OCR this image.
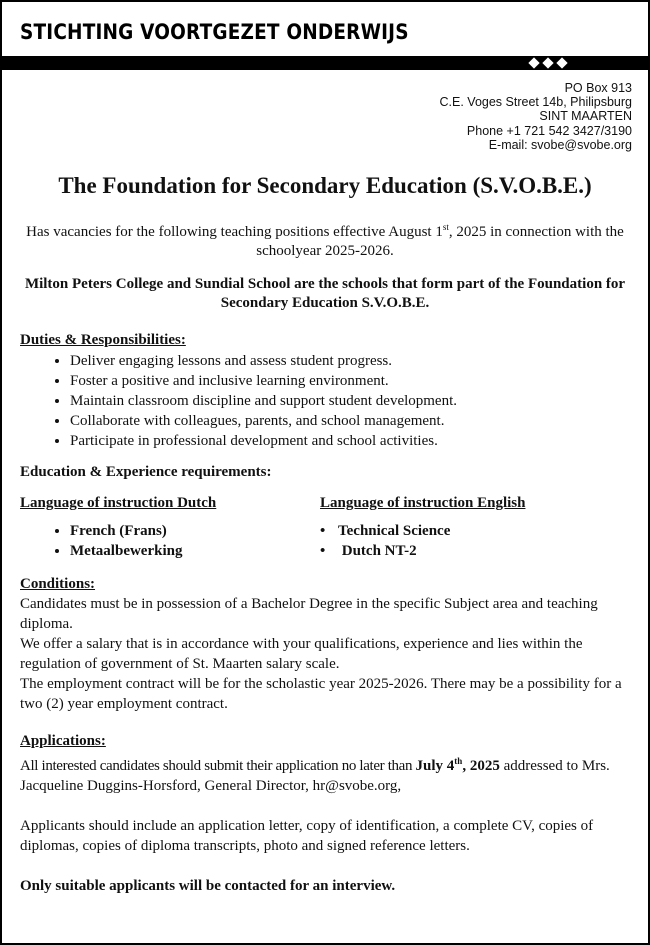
STICHTING VOORTGEZET ONDERWIJS
PO Box 913
C.E. Voges Street 14b, Philipsburg
SINT MAARTEN
Phone +1 721 542 3427/3190
E-mail: svobe@svobe.org
The Foundation for Secondary Education (S.V.O.B.E.)
Has vacancies for the following teaching positions effective August 1st, 2025 in connection with the schoolyear 2025-2026.
Milton Peters College and Sundial School are the schools that form part of the Foundation for Secondary Education S.V.O.B.E.
Duties & Responsibilities:
• Deliver engaging lessons and assess student progress.
• Foster a positive and inclusive learning environment.
• Maintain classroom discipline and support student development.
• Collaborate with colleagues, parents, and school management.
• Participate in professional development and school activities.
Education & Experience requirements:
Language of instruction Dutch
• French (Frans)
• Metaalbewerking
Language of instruction English
• Technical Science
•  Dutch NT-2
Conditions:

Candidates must be in possession of a Bachelor Degree in the specific Subject area and teaching diploma.

We offer a salary that is in accordance with your qualifications, experience and lies within the regulation of government of St. Maarten salary scale.

The employment contract will be for the scholastic year 2025-2026. There may be a possibility for a two (2) year employment contract.

Applications:

All interested candidates should submit their application no later than July 4th, 2025 addressed to Mrs. Jacqueline Duggins-Horsford, General Director, hr@svobe.org,

Applicants should include an application letter, copy of identification, a complete CV, copies of diplomas, copies of diploma transcripts, photo and signed reference letters.

Only suitable applicants will be contacted for an interview.
